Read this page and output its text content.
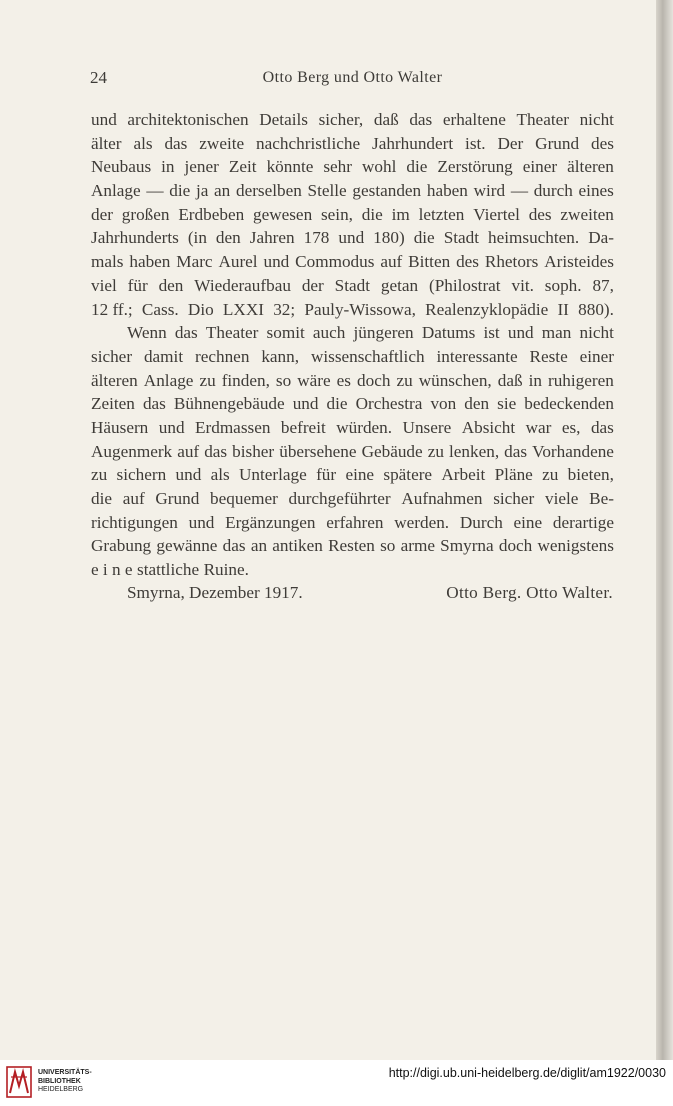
24	Otto Berg und Otto Walter
und architektonischen Details sicher, daß das erhaltene Theater nicht
älter als das zweite nachchristliche Jahrhundert ist. Der Grund des
Neubaus in jener Zeit könnte sehr wohl die Zerstörung einer älteren
Anlage — die ja an derselben Stelle gestanden haben wird — durch eines
der großen Erdbeben gewesen sein, die im letzten Viertel des zweiten
Jahrhunderts (in den Jahren 178 und 180) die Stadt heimsuchten. Da-
mals haben Marc Aurel und Commodus auf Bitten des Rhetors Aristeides
viel für den Wiederaufbau der Stadt getan (Philostrat vit. soph. 87,
12 ff.; Cass. Dio LXXI 32; Pauly-Wissowa, Realenzyklopädie II 880).
Wenn das Theater somit auch jüngeren Datums ist und man nicht
sicher damit rechnen kann, wissenschaftlich interessante Reste einer
älteren Anlage zu finden, so wäre es doch zu wünschen, daß in ruhigeren
Zeiten das Bühnengebäude und die Orchestra von den sie bedeckenden
Häusern und Erdmassen befreit würden. Unsere Absicht war es, das
Augenmerk auf das bisher übersehene Gebäude zu lenken, das Vorhandene
zu sichern und als Unterlage für eine spätere Arbeit Pläne zu bieten,
die auf Grund bequemer durchgeführter Aufnahmen sicher viele Be-
richtigungen und Ergänzungen erfahren werden. Durch eine derartige
Grabung gewänne das an antiken Resten so arme Smyrna doch wenigstens
e i n e stattliche Ruine.
Smyrna, Dezember 1917.	Otto Berg. Otto Walter.
UNIVERSITÄTS-
BIBLIOTHEK
HEIDELBERG
http://digi.ub.uni-heidelberg.de/diglit/am1922/0030
